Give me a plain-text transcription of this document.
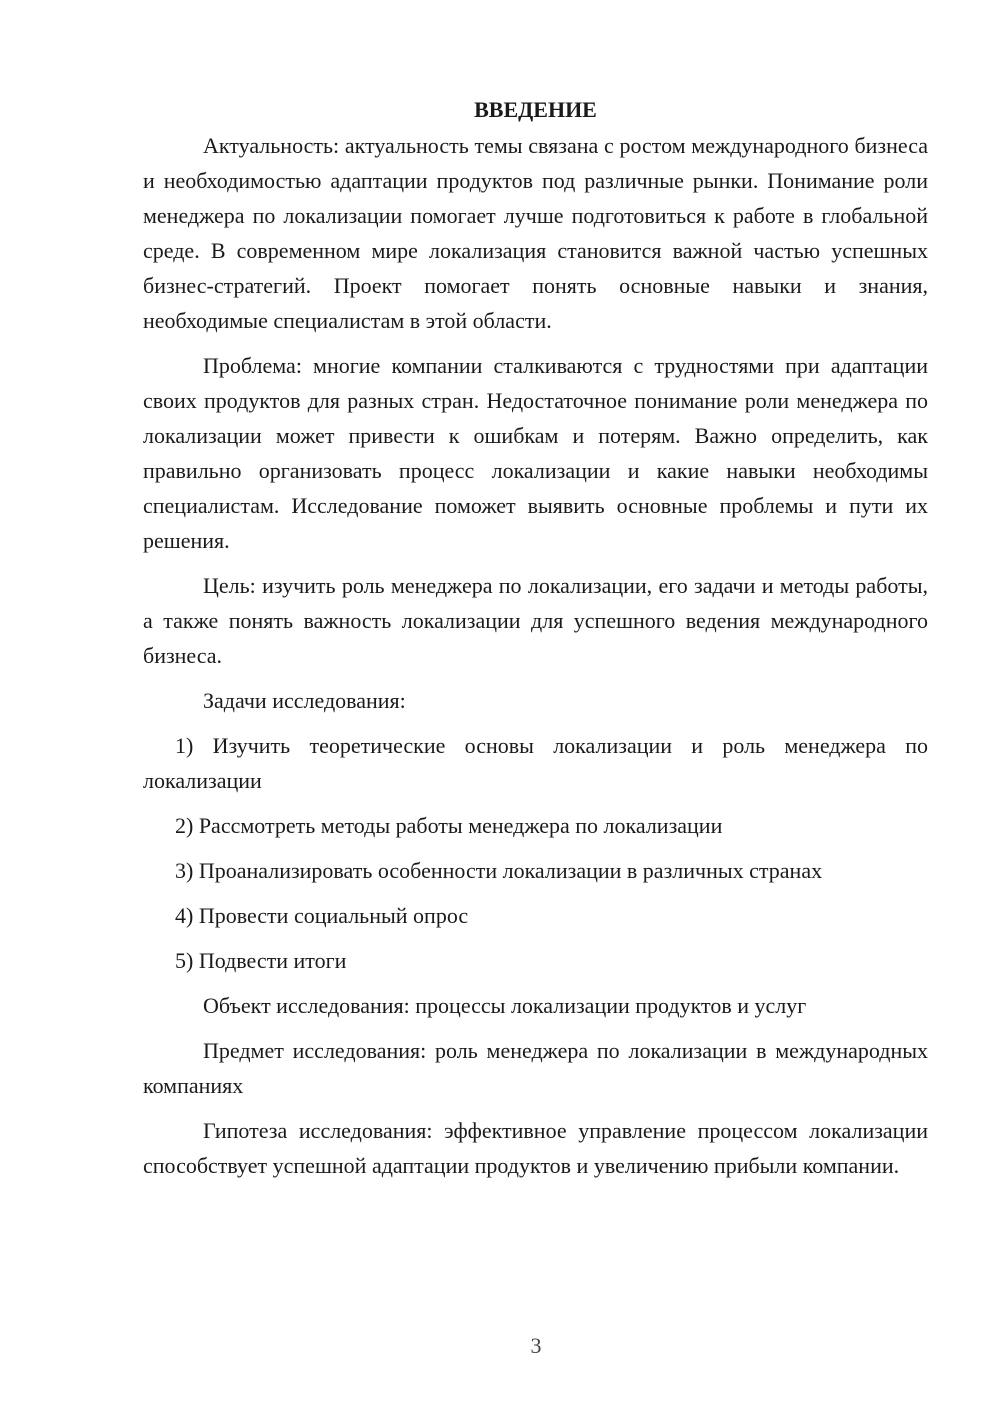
ВВЕДЕНИЕ

Актуальность: актуальность темы связана с ростом международного бизнеса и необходимостью адаптации продуктов под различные рынки. Понимание роли менеджера по локализации помогает лучше подготовиться к работе в глобальной среде. В современном мире локализация становится важной частью успешных бизнес-стратегий. Проект помогает понять основные навыки и знания, необходимые специалистам в этой области.

Проблема: многие компании сталкиваются с трудностями при адаптации своих продуктов для разных стран. Недостаточное понимание роли менеджера по локализации может привести к ошибкам и потерям. Важно определить, как правильно организовать процесс локализации и какие навыки необходимы специалистам. Исследование поможет выявить основные проблемы и пути их решения.

Цель: изучить роль менеджера по локализации, его задачи и методы работы, а также понять важность локализации для успешного ведения международного бизнеса.

Задачи исследования:

1) Изучить теоретические основы локализации и роль менеджера по локализации

2) Рассмотреть методы работы менеджера по локализации

3) Проанализировать особенности локализации в различных странах

4) Провести социальный опрос

5) Подвести итоги

Объект исследования: процессы локализации продуктов и услуг

Предмет исследования: роль менеджера по локализации в международных компаниях

Гипотеза исследования: эффективное управление процессом локализации способствует успешной адаптации продуктов и увеличению прибыли компании.

3
